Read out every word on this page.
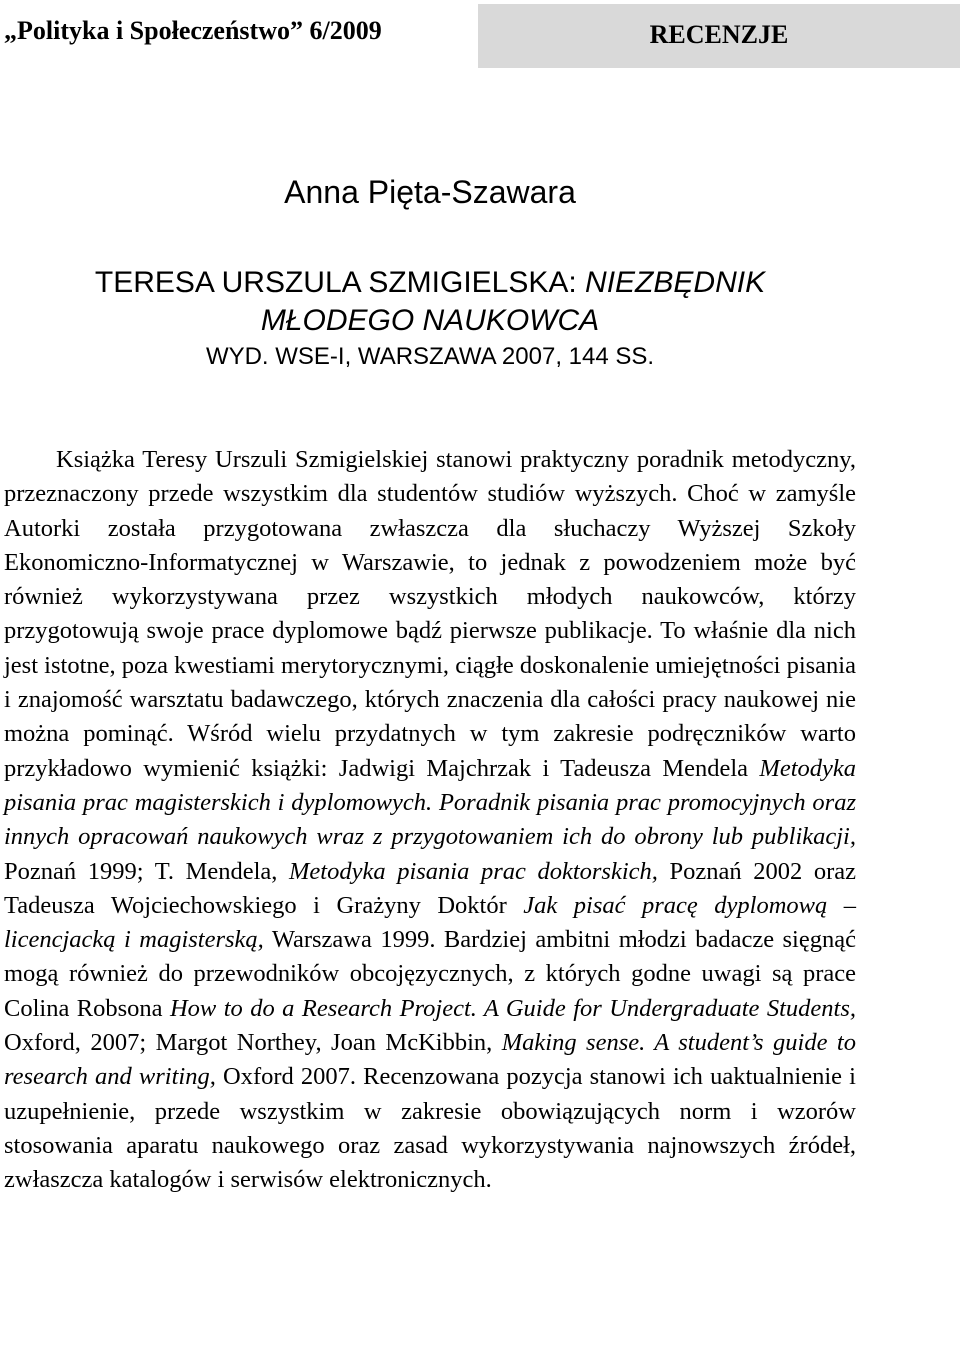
„Polityka i Społeczeństwo” 6/2009	RECENZJE
Anna Pięta-Szawara
TERESA URSZULA SZMIGIELSKA: NIEZBĘDNIK
MŁODEGO NAUKOWCA
WYD. WSE-I, WARSZAWA 2007, 144 SS.

Książka Teresy Urszuli Szmigielskiej stanowi praktyczny poradnik metodyczny, przeznaczony przede wszystkim dla studentów studiów wyższych. Choć w zamyśle Autorki została przygotowana zwłaszcza dla słuchaczy Wyższej Szkoły Ekonomiczno-Informatycznej w Warszawie, to jednak z powodzeniem może być również wykorzystywana przez wszystkich młodych naukowców, którzy przygotowują swoje prace dyplomowe bądź pierwsze publikacje. To właśnie dla nich jest istotne, poza kwestiami merytorycznymi, ciągłe doskonalenie umiejętności pisania i znajomość warsztatu badawczego, których znaczenia dla całości pracy naukowej nie można pominąć. Wśród wielu przydatnych w tym zakresie podręczników warto przykładowo wymienić książki: Jadwigi Majchrzak i Tadeusza Mendela Metodyka pisania prac magisterskich i dyplomowych. Poradnik pisania prac promocyjnych oraz innych opracowań naukowych wraz z przygotowaniem ich do obrony lub publikacji, Poznań 1999; T. Mendela, Metodyka pisania prac doktorskich, Poznań 2002 oraz Tadeusza Wojciechowskiego i Grażyny Doktór Jak pisać pracę dyplomową – licencjacką i magisterską, Warszawa 1999. Bardziej ambitni młodzi badacze sięgnąć mogą również do przewodników obcojęzycznych, z których godne uwagi są prace Colina Robsona How to do a Research Project. A Guide for Undergraduate Students, Oxford, 2007; Margot Northey, Joan McKibbin, Making sense. A student’s guide to research and writing, Oxford 2007. Recenzowana pozycja stanowi ich uaktualnienie i uzupełnienie, przede wszystkim w zakresie obowiązujących norm i wzorów stosowania aparatu naukowego oraz zasad wykorzystywania najnowszych źródeł, zwłaszcza katalogów i serwisów elektronicznych.
